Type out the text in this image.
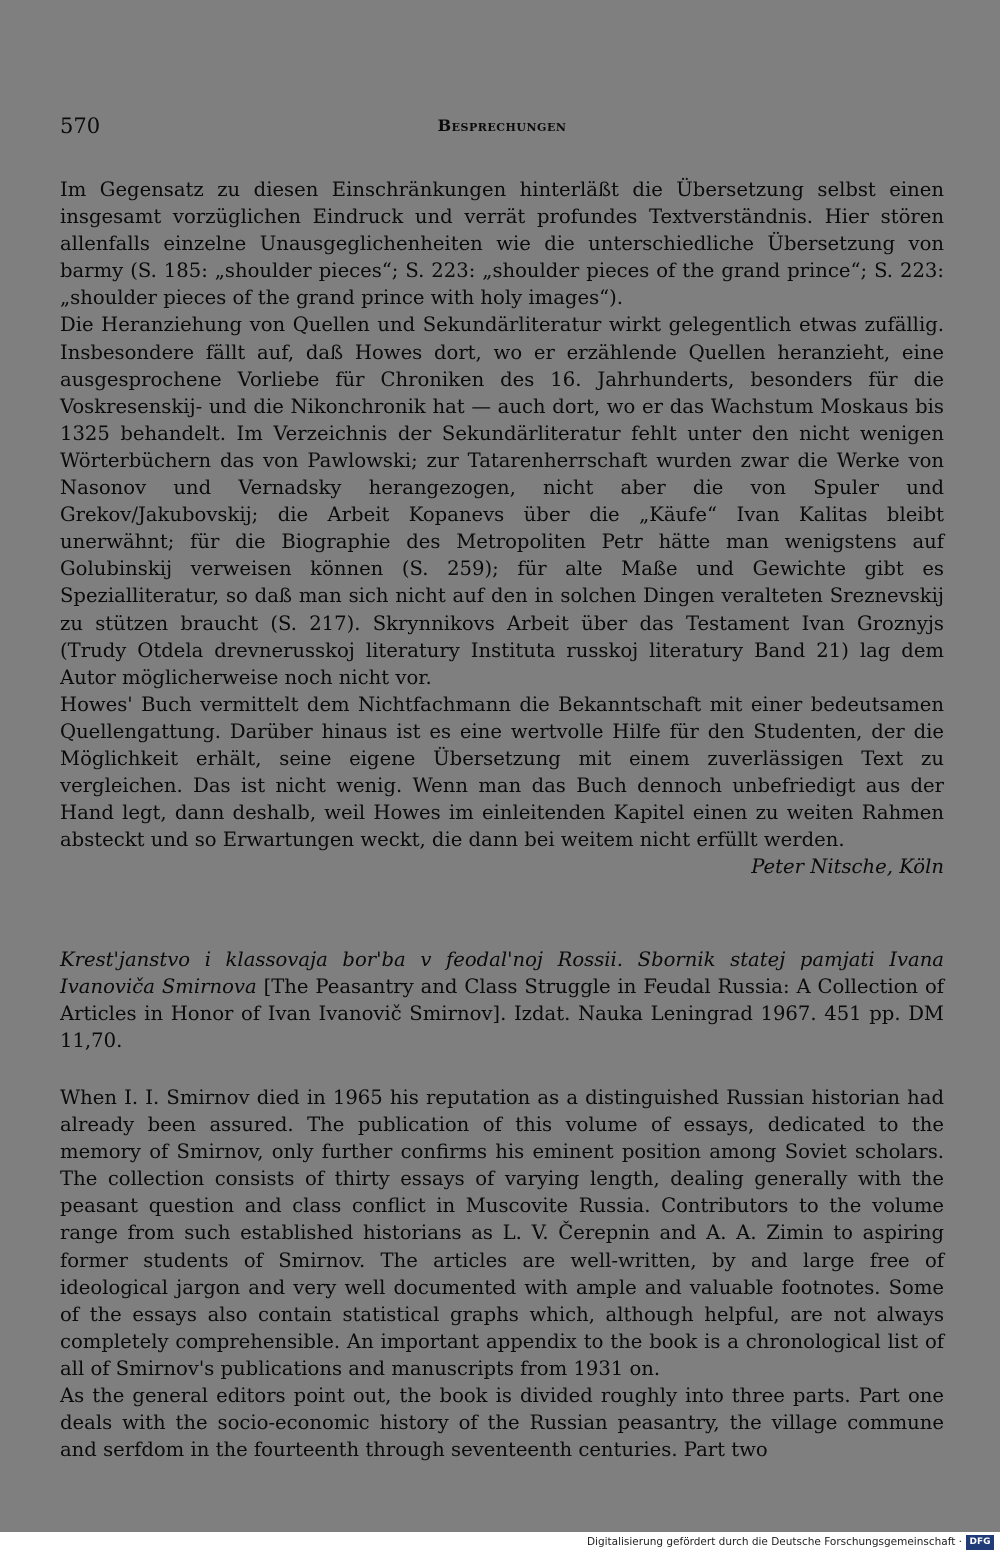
570	Besprechungen

Im Gegensatz zu diesen Einschränkungen hinterläßt die Übersetzung selbst einen insgesamt vorzüglichen Eindruck und verrät profundes Textverständnis. Hier stören allenfalls einzelne Unausgeglichenheiten wie die unterschiedliche Übersetzung von barmy (S. 185: „shoulder pieces“; S. 223: „shoulder pieces of the grand prince“; S. 223: „shoulder pieces of the grand prince with holy images“).

Die Heranziehung von Quellen und Sekundärliteratur wirkt gelegentlich etwas zufällig. Insbesondere fällt auf, daß Howes dort, wo er erzählende Quellen heranzieht, eine ausgesprochene Vorliebe für Chroniken des 16. Jahrhunderts, besonders für die Voskresenskij- und die Nikonchronik hat — auch dort, wo er das Wachstum Moskaus bis 1325 behandelt. Im Verzeichnis der Sekundärliteratur fehlt unter den nicht wenigen Wörterbüchern das von Pawlowski; zur Tatarenherrschaft wurden zwar die Werke von Nasonov und Vernadsky herangezogen, nicht aber die von Spuler und Grekov/Jakubovskij; die Arbeit Kopanevs über die „Käufe“ Ivan Kalitas bleibt unerwähnt; für die Biographie des Metropoliten Petr hätte man wenigstens auf Golubinskij verweisen können (S. 259); für alte Maße und Gewichte gibt es Spezialliteratur, so daß man sich nicht auf den in solchen Dingen veralteten Sreznevskij zu stützen braucht (S. 217). Skrynnikovs Arbeit über das Testament Ivan Groznyjs (Trudy Otdela drevnerusskoj literatury Instituta russkoj literatury Band 21) lag dem Autor möglicherweise noch nicht vor.

Howes' Buch vermittelt dem Nichtfachmann die Bekanntschaft mit einer bedeutsamen Quellengattung. Darüber hinaus ist es eine wertvolle Hilfe für den Studenten, der die Möglichkeit erhält, seine eigene Übersetzung mit einem zuverlässigen Text zu vergleichen. Das ist nicht wenig. Wenn man das Buch dennoch unbefriedigt aus der Hand legt, dann deshalb, weil Howes im einleitenden Kapitel einen zu weiten Rahmen absteckt und so Erwartungen weckt, die dann bei weitem nicht erfüllt werden.

Peter Nitsche, Köln

Krest'janstvo i klassovaja bor'ba v feodal'noj Rossii. Sbornik statej pamjati Ivana Ivanoviča Smirnova [The Peasantry and Class Struggle in Feudal Russia: A Collection of Articles in Honor of Ivan Ivanovič Smirnov]. Izdat. Nauka Leningrad 1967. 451 pp. DM 11,70.

When I. I. Smirnov died in 1965 his reputation as a distinguished Russian historian had already been assured. The publication of this volume of essays, dedicated to the memory of Smirnov, only further confirms his eminent position among Soviet scholars. The collection consists of thirty essays of varying length, dealing generally with the peasant question and class conflict in Muscovite Russia. Contributors to the volume range from such established historians as L. V. Čerepnin and A. A. Zimin to aspiring former students of Smirnov. The articles are well-written, by and large free of ideological jargon and very well documented with ample and valuable footnotes. Some of the essays also contain statistical graphs which, although helpful, are not always completely comprehensible. An important appendix to the book is a chronological list of all of Smirnov's publications and manuscripts from 1931 on.

As the general editors point out, the book is divided roughly into three parts. Part one deals with the socio-economic history of the Russian peasantry, the village commune and serfdom in the fourteenth through seventeenth centuries. Part two

Digitalisierung gefördert durch die Deutsche Forschungsgemeinschaft · DFG
